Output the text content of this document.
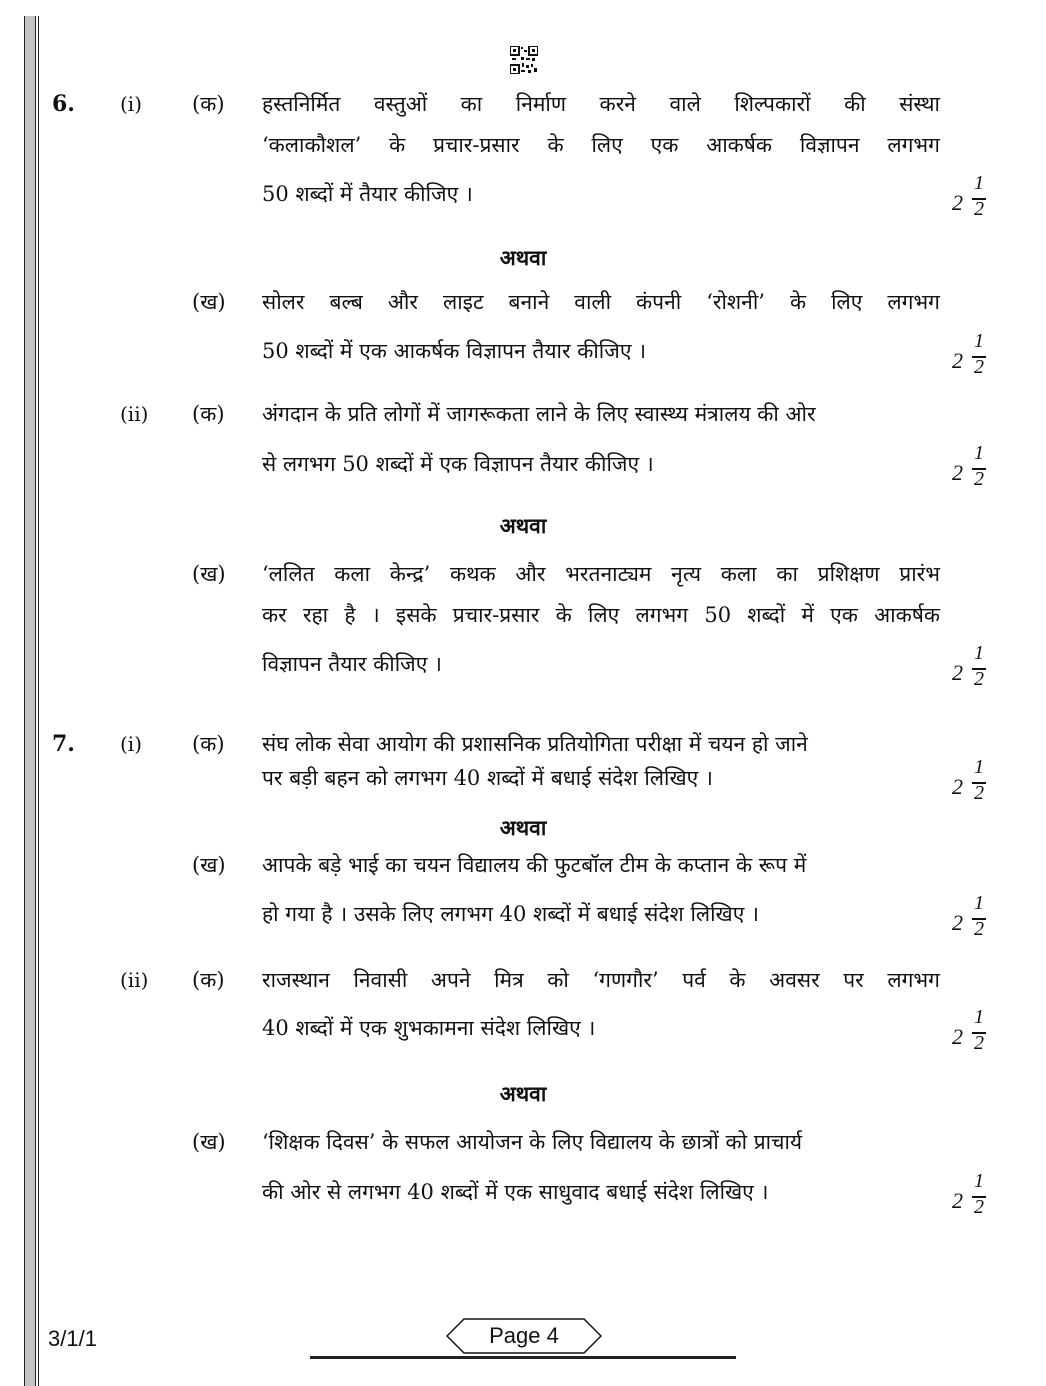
6. (i) (क) हस्तनिर्मित वस्तुओं का निर्माण करने वाले शिल्पकारों की संस्था
‘कलाकौशल’ के प्रचार-प्रसार के लिए एक आकर्षक विज्ञापन लगभग
50 शब्दों में तैयार कीजिए ।	2
1
2
अथवा
(ख) सोलर बल्ब और लाइट बनाने वाली कंपनी ‘रोशनी’ के लिए लगभग
50 शब्दों में एक आकर्षक विज्ञापन तैयार कीजिए ।	2
1
2
(ii) (क) अंगदान के प्रति लोगों में जागरूकता लाने के लिए स्वास्थ्य मंत्रालय की ओर
से लगभग 50 शब्दों में एक विज्ञापन तैयार कीजिए ।	2
1
2
अथवा
(ख) ‘ललित कला केन्द्र’ कथक और भरतनाट्यम नृत्य कला का प्रशिक्षण प्रारंभ
कर रहा है । इसके प्रचार-प्रसार के लिए लगभग 50 शब्दों में एक आकर्षक
विज्ञापन तैयार कीजिए ।	2
1
2
7. (i) (क) संघ लोक सेवा आयोग की प्रशासनिक प्रतियोगिता परीक्षा में चयन हो जाने
पर बड़ी बहन को लगभग 40 शब्दों में बधाई संदेश लिखिए ।	2
1
2
अथवा
(ख) आपके बड़े भाई का चयन विद्यालय की फुटबॉल टीम के कप्तान के रूप में
हो गया है । उसके लिए लगभग 40 शब्दों में बधाई संदेश लिखिए ।	2
1
2
(ii) (क) राजस्थान निवासी अपने मित्र को ‘गणगौर’ पर्व के अवसर पर लगभग
40 शब्दों में एक शुभकामना संदेश लिखिए ।	2
1
2
अथवा
(ख) ‘शिक्षक दिवस’ के सफल आयोजन के लिए विद्यालय के छात्रों को प्राचार्य
की ओर से लगभग 40 शब्दों में एक साधुवाद बधाई संदेश लिखिए ।	2
1
2
3/1/1	Page 4
